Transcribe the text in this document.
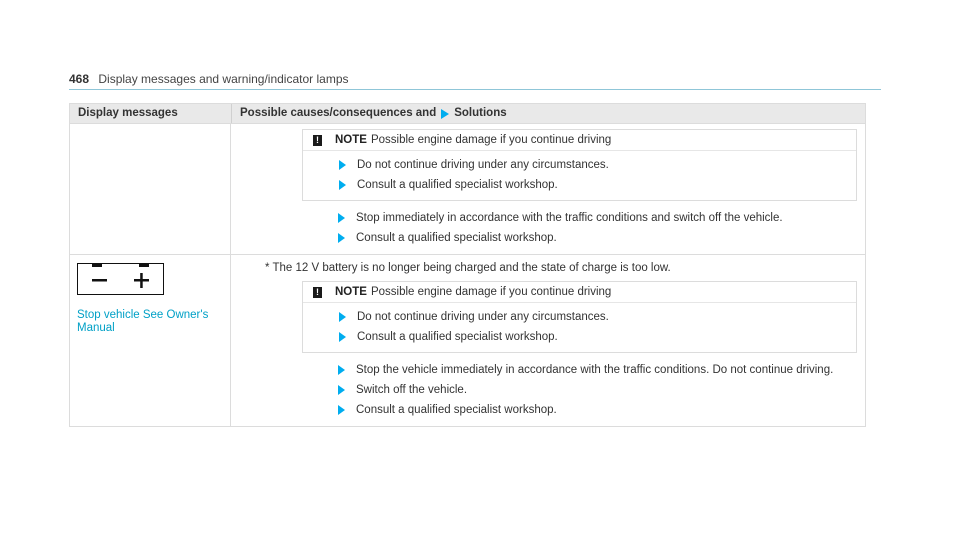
468 Display messages and warning/indicator lamps
Display messages	Possible causes/consequences and Solutions
! NOTE Possible engine damage if you continue driving
Do not continue driving under any circumstances.
Consult a qualified specialist workshop.
Stop immediately in accordance with the traffic conditions and switch off the vehicle.
Consult a qualified specialist workshop.
Stop vehicle See Owner's Manual
* The 12 V battery is no longer being charged and the state of charge is too low.
! NOTE Possible engine damage if you continue driving
Do not continue driving under any circumstances.
Consult a qualified specialist workshop.
Stop the vehicle immediately in accordance with the traffic conditions. Do not continue driving.
Switch off the vehicle.
Consult a qualified specialist workshop.
